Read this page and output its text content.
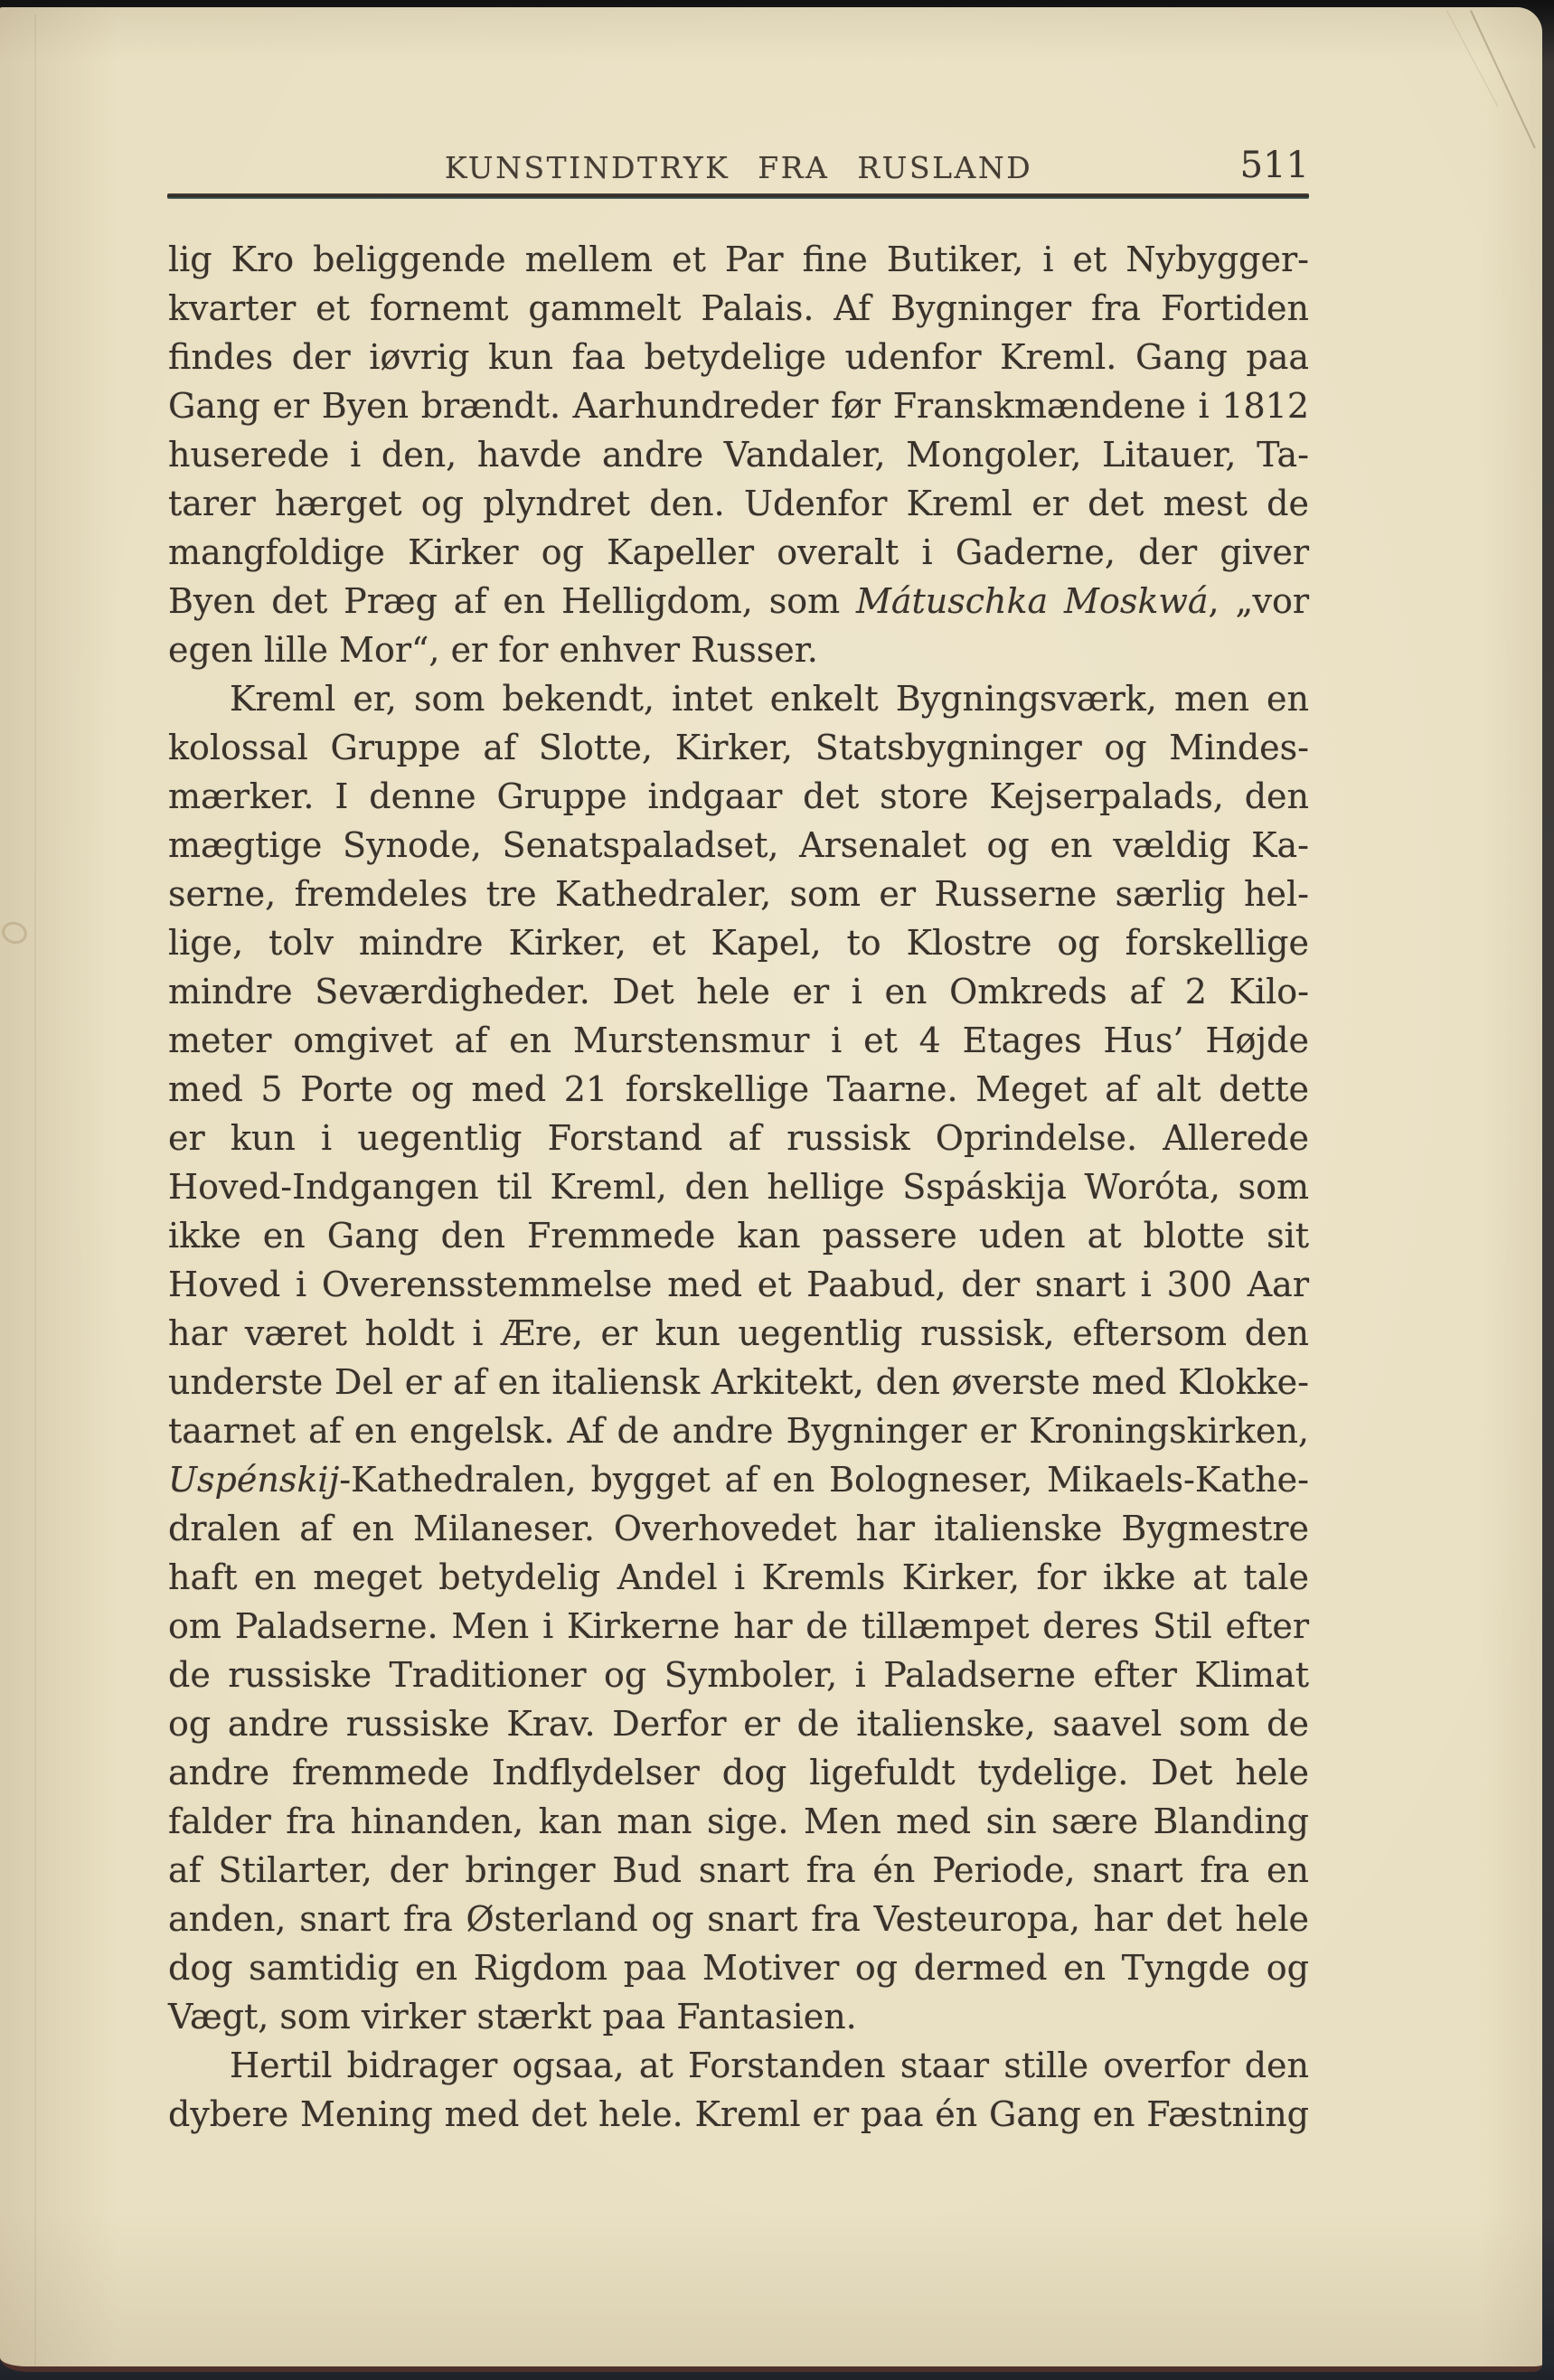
KUNSTINDTRYK FRA RUSLAND	511
lig Kro beliggende mellem et Par fine Butiker, i et Nybygger-
kvarter et fornemt gammelt Palais. Af Bygninger fra Fortiden
findes der iøvrig kun faa betydelige udenfor Kreml. Gang paa
Gang er Byen brændt. Aarhundreder før Franskmændene i 1812
huserede i den, havde andre Vandaler, Mongoler, Litauer, Ta-
tarer hærget og plyndret den. Udenfor Kreml er det mest de
mangfoldige Kirker og Kapeller overalt i Gaderne, der giver
Byen det Præg af en Helligdom, som Mátuschka Moskwá, „vor
egen lille Mor“, er for enhver Russer.
Kreml er, som bekendt, intet enkelt Bygningsværk, men en
kolossal Gruppe af Slotte, Kirker, Statsbygninger og Mindes-
mærker. I denne Gruppe indgaar det store Kejserpalads, den
mægtige Synode, Senatspaladset, Arsenalet og en vældig Ka-
serne, fremdeles tre Kathedraler, som er Russerne særlig hel-
lige, tolv mindre Kirker, et Kapel, to Klostre og forskellige
mindre Seværdigheder. Det hele er i en Omkreds af 2 Kilo-
meter omgivet af en Murstensmur i et 4 Etages Hus’ Højde
med 5 Porte og med 21 forskellige Taarne. Meget af alt dette
er kun i uegentlig Forstand af russisk Oprindelse. Allerede
Hoved-Indgangen til Kreml, den hellige Sspáskija Woróta, som
ikke en Gang den Fremmede kan passere uden at blotte sit
Hoved i Overensstemmelse med et Paabud, der snart i 300 Aar
har været holdt i Ære, er kun uegentlig russisk, eftersom den
underste Del er af en italiensk Arkitekt, den øverste med Klokke-
taarnet af en engelsk. Af de andre Bygninger er Kroningskirken,
Uspénskij-Kathedralen, bygget af en Bologneser, Mikaels-Kathe-
dralen af en Milaneser. Overhovedet har italienske Bygmestre
haft en meget betydelig Andel i Kremls Kirker, for ikke at tale
om Paladserne. Men i Kirkerne har de tillæmpet deres Stil efter
de russiske Traditioner og Symboler, i Paladserne efter Klimat
og andre russiske Krav. Derfor er de italienske, saavel som de
andre fremmede Indflydelser dog ligefuldt tydelige. Det hele
falder fra hinanden, kan man sige. Men med sin sære Blanding
af Stilarter, der bringer Bud snart fra én Periode, snart fra en
anden, snart fra Østerland og snart fra Vesteuropa, har det hele
dog samtidig en Rigdom paa Motiver og dermed en Tyngde og
Vægt, som virker stærkt paa Fantasien.
Hertil bidrager ogsaa, at Forstanden staar stille overfor den
dybere Mening med det hele. Kreml er paa én Gang en Fæstning
